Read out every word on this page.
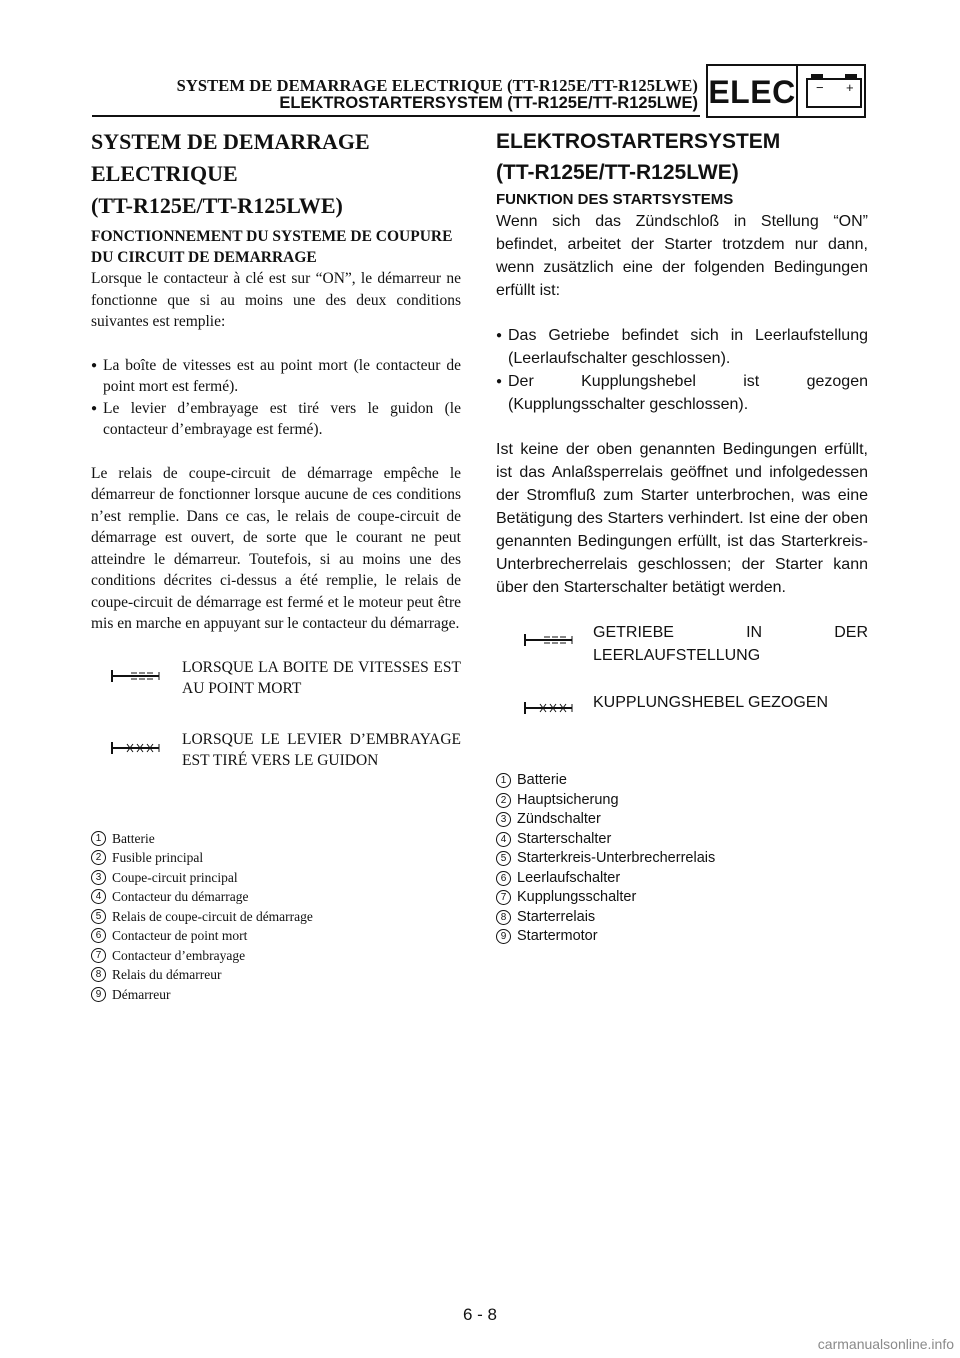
SYSTEM DE DEMARRAGE ELECTRIQUE (TT-R125E/TT-R125LWE)
ELEKTROSTARTERSYSTEM (TT-R125E/TT-R125LWE) ELEC − +
SYSTEM DE DEMARRAGE
ELECTRIQUE
(TT-R125E/TT-R125LWE)
FONCTIONNEMENT DU SYSTEME DE COUPURE DU CIRCUIT DE DEMARRAGE

Lorsque le contacteur à clé est sur “ON”, le démarreur ne fonctionne que si au moins une des deux conditions suivantes est remplie:

● La boîte de vitesses est au point mort (le contacteur de point mort est fermé).
● Le levier d’embrayage est tiré vers le guidon (le contacteur d’embrayage est fermé).

Le relais de coupe-circuit de démarrage empêche le démarreur de fonctionner lorsque aucune de ces conditions n’est remplie. Dans ce cas, le relais de coupe-circuit de démarrage est ouvert, de sorte que le courant ne peut atteindre le démarreur. Toutefois, si au moins une des conditions décrites ci-dessus a été remplie, le relais de coupe-circuit de démarrage est fermé et le moteur peut être mis en marche en appuyant sur le contacteur du démarrage.

LORSQUE LA BOITE DE VITESSES EST AU POINT MORT
LORSQUE LE LEVIER D’EMBRAYAGE EST TIRÉ VERS LE GUIDON
1 Batterie
2 Fusible principal
3 Coupe-circuit principal
4 Contacteur du démarrage
5 Relais de coupe-circuit de démarrage
6 Contacteur de point mort
7 Contacteur d’embrayage
8 Relais du démarreur
9 Démarreur
ELEKTROSTARTERSYSTEM
(TT-R125E/TT-R125LWE)
FUNKTION DES STARTSYSTEMS

Wenn sich das Zündschloß in Stellung “ON” befindet, arbeitet der Starter trotzdem nur dann, wenn zusätzlich eine der folgenden Bedingungen erfüllt ist:

● Das Getriebe befindet sich in Leerlaufstellung (Leerlaufschalter geschlossen).
● Der Kupplungshebel ist gezogen (Kupplungsschalter geschlossen).

Ist keine der oben genannten Bedingungen erfüllt, ist das Anlaßsperrelais geöffnet und infolgedessen der Stromfluß zum Starter unterbrochen, was eine Betätigung des Starters verhindert. Ist eine der oben genannten Bedingungen erfüllt, ist das Starterkreis-Unterbrecherrelais geschlossen; der Starter kann über den Starterschalter betätigt werden.

GETRIEBE IN DER LEERLAUFSTELLUNG
KUPPLUNGSHEBEL GEZOGEN
1 Batterie
2 Hauptsicherung
3 Zündschalter
4 Starterschalter
5 Starterkreis-Unterbrecherrelais
6 Leerlaufschalter
7 Kupplungsschalter
8 Starterrelais
9 Startermotor
6 - 8
carmanualsonline.info
